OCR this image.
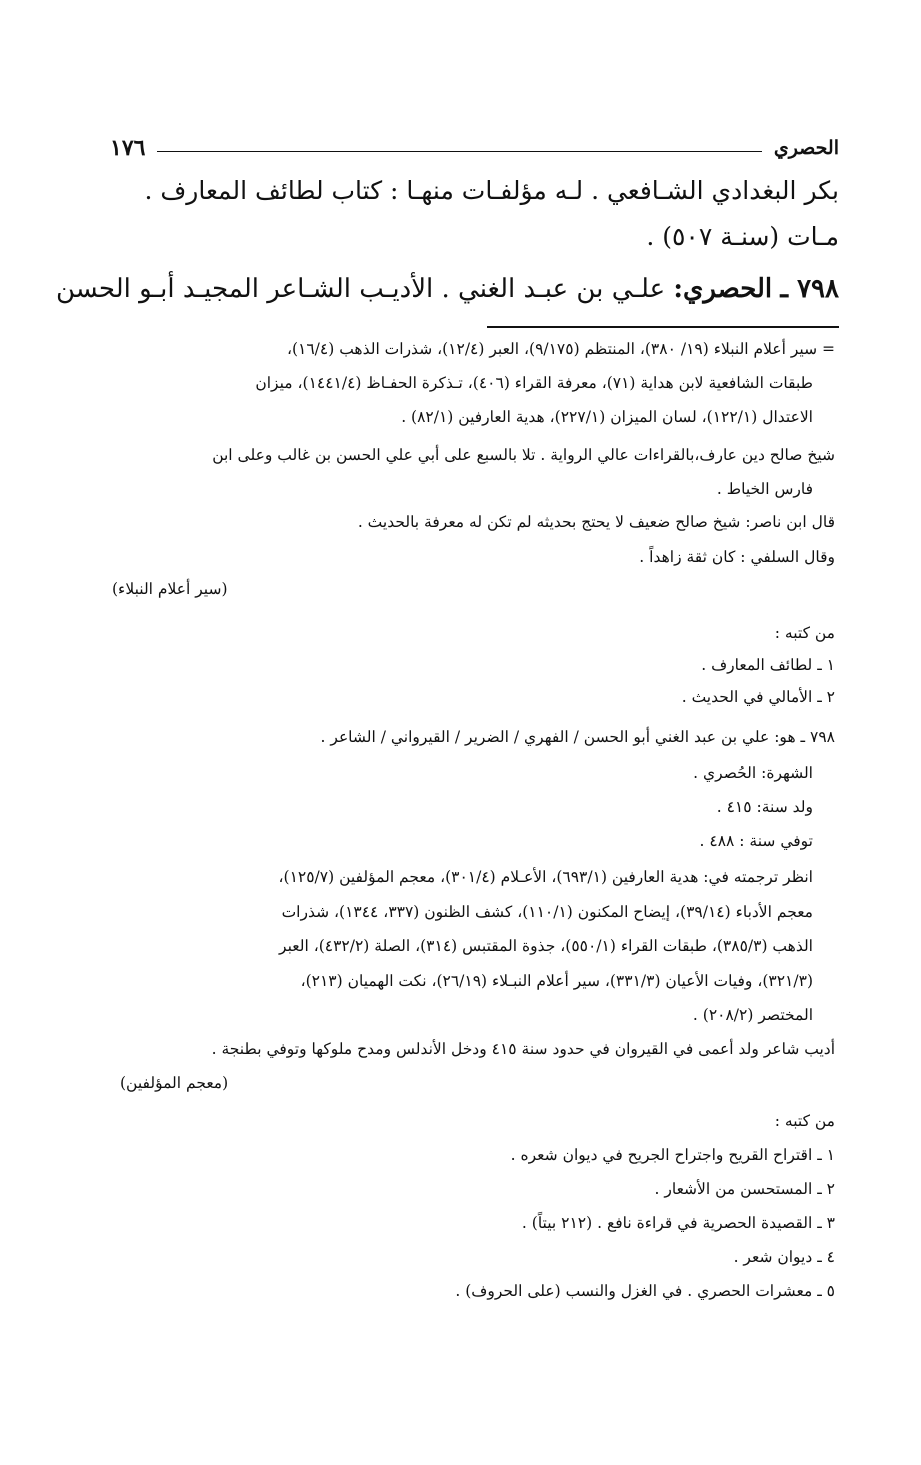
الحصري
١٧٦
بكر البغدادي الشـافعي . لـه مؤلفـات منهـا : كتاب لطائف المعارف .
مـات (سنـة ٥٠٧) .
٧٩٨ ـ الحصري: علـي بن عبـد الغني . الأديـب الشـاعر المجيـد أبـو الحسن
= سير أعلام النبلاء (١٩/ ٣٨٠)، المنتظم (٩/١٧٥)، العبر (١٢/٤)، شذرات الذهب (١٦/٤)،
طبقات الشافعية لابن هداية (٧١)، معرفة القراء (٤٠٦)، تـذكرة الحفـاظ (١٤٤١/٤)، ميزان
الاعتدال (١٢٢/١)، لسان الميزان (٢٢٧/١)، هدية العارفين (٨٢/١) .
شيخ صالح دين عارف،بالقراءات عالي الرواية . تلا بالسبع على أبي علي الحسن بن غالب وعلى ابن
فارس الخياط .
قال ابن ناصر: شيخ صالح ضعيف لا يحتج بحديثه لم تكن له معرفة بالحديث .
وقال السلفي : كان ثقة زاهداً .
(سير أعلام النبلاء)
من كتبه :
١ ـ لطائف المعارف .
٢ ـ الأمالي في الحديث .
٧٩٨ ـ هو: علي بن عبد الغني أبو الحسن / الفهري / الضرير / القيرواني / الشاعر .
الشهرة: الحُصري .
ولد سنة: ٤١٥ .
توفي سنة : ٤٨٨ .
انظر ترجمته في: هدية العارفين (٦٩٣/١)، الأعـلام (٣٠١/٤)، معجم المؤلفين (١٢٥/٧)،
معجم الأدباء (٣٩/١٤)، إيضاح المكنون (١١٠/١)، كشف الظنون (٣٣٧، ١٣٤٤)، شذرات
الذهب (٣٨٥/٣)، طبقات القراء (٥٥٠/١)، جذوة المقتبس (٣١٤)، الصلة (٤٣٢/٢)، العبر
(٣٢١/٣)، وفيات الأعيان (٣٣١/٣)، سير أعلام النبـلاء (٢٦/١٩)، نكت الهميان (٢١٣)،
المختصر (٢٠٨/٢) .
أديب شاعر ولد أعمى في القيروان في حدود سنة ٤١٥ ودخل الأندلس ومدح ملوكها وتوفي بطنجة .
(معجم المؤلفين)
من كتبه :
١ ـ اقتراح القريح واجتراح الجريح في ديوان شعره .
٢ ـ المستحسن من الأشعار .
٣ ـ القصيدة الحصرية في قراءة نافع . (٢١٢ بيتاً) .
٤ ـ ديوان شعر .
٥ ـ معشرات الحصري . في الغزل والنسب (على الحروف) .
